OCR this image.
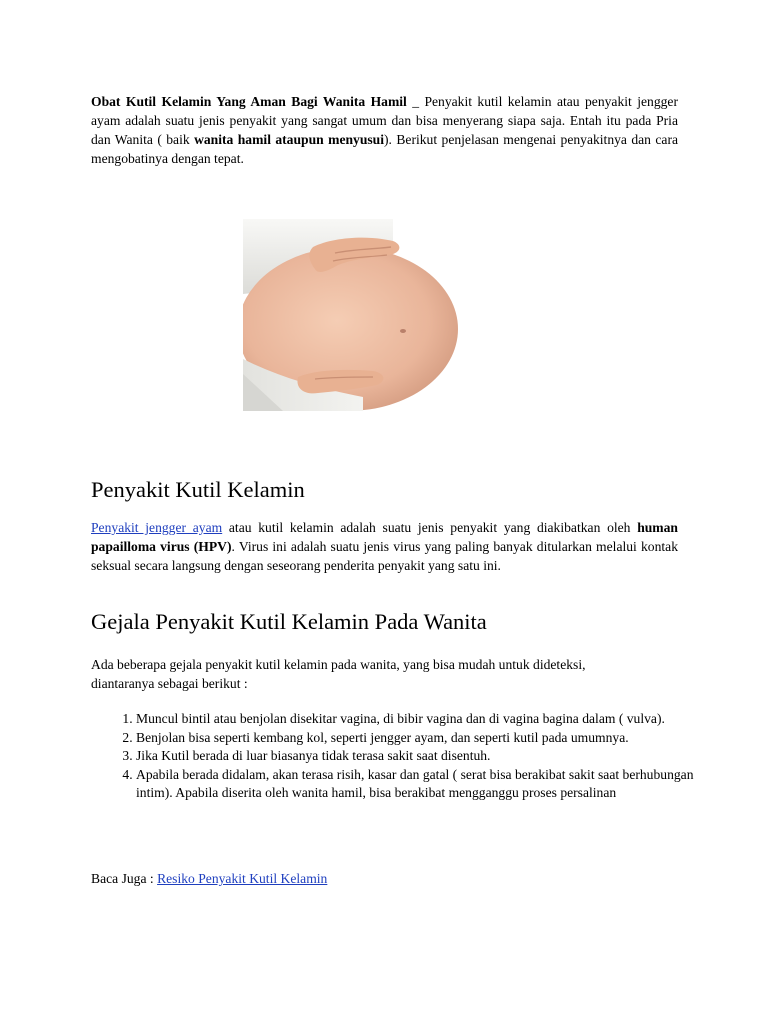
Obat Kutil Kelamin Yang Aman Bagi Wanita Hamil _ Penyakit kutil kelamin atau penyakit jengger ayam adalah suatu jenis penyakit yang sangat umum dan bisa menyerang siapa saja. Entah itu pada Pria dan Wanita ( baik wanita hamil ataupun menyusui). Berikut penjelasan mengenai penyakitnya dan cara mengobatinya dengan tepat.

Penyakit Kutil Kelamin

Penyakit jengger ayam atau kutil kelamin adalah suatu jenis penyakit yang diakibatkan oleh human papailloma virus (HPV). Virus ini adalah suatu jenis virus yang paling banyak ditularkan melalui kontak seksual secara langsung dengan seseorang penderita penyakit yang satu ini.

Gejala Penyakit Kutil Kelamin Pada Wanita

Ada beberapa gejala penyakit kutil kelamin pada wanita, yang bisa mudah untuk dideteksi, diantaranya sebagai berikut :

1. Muncul bintil atau benjolan disekitar vagina, di bibir vagina dan di vagina bagina dalam ( vulva).
2. Benjolan bisa seperti kembang kol, seperti jengger ayam, dan seperti kutil pada umumnya.
3. Jika Kutil berada di luar biasanya tidak terasa sakit saat disentuh.
4. Apabila berada didalam, akan terasa risih, kasar dan gatal ( serat bisa berakibat sakit saat berhubungan intim). Apabila diserita oleh wanita hamil, bisa berakibat mengganggu proses persalinan

Baca Juga : Resiko Penyakit Kutil Kelamin
